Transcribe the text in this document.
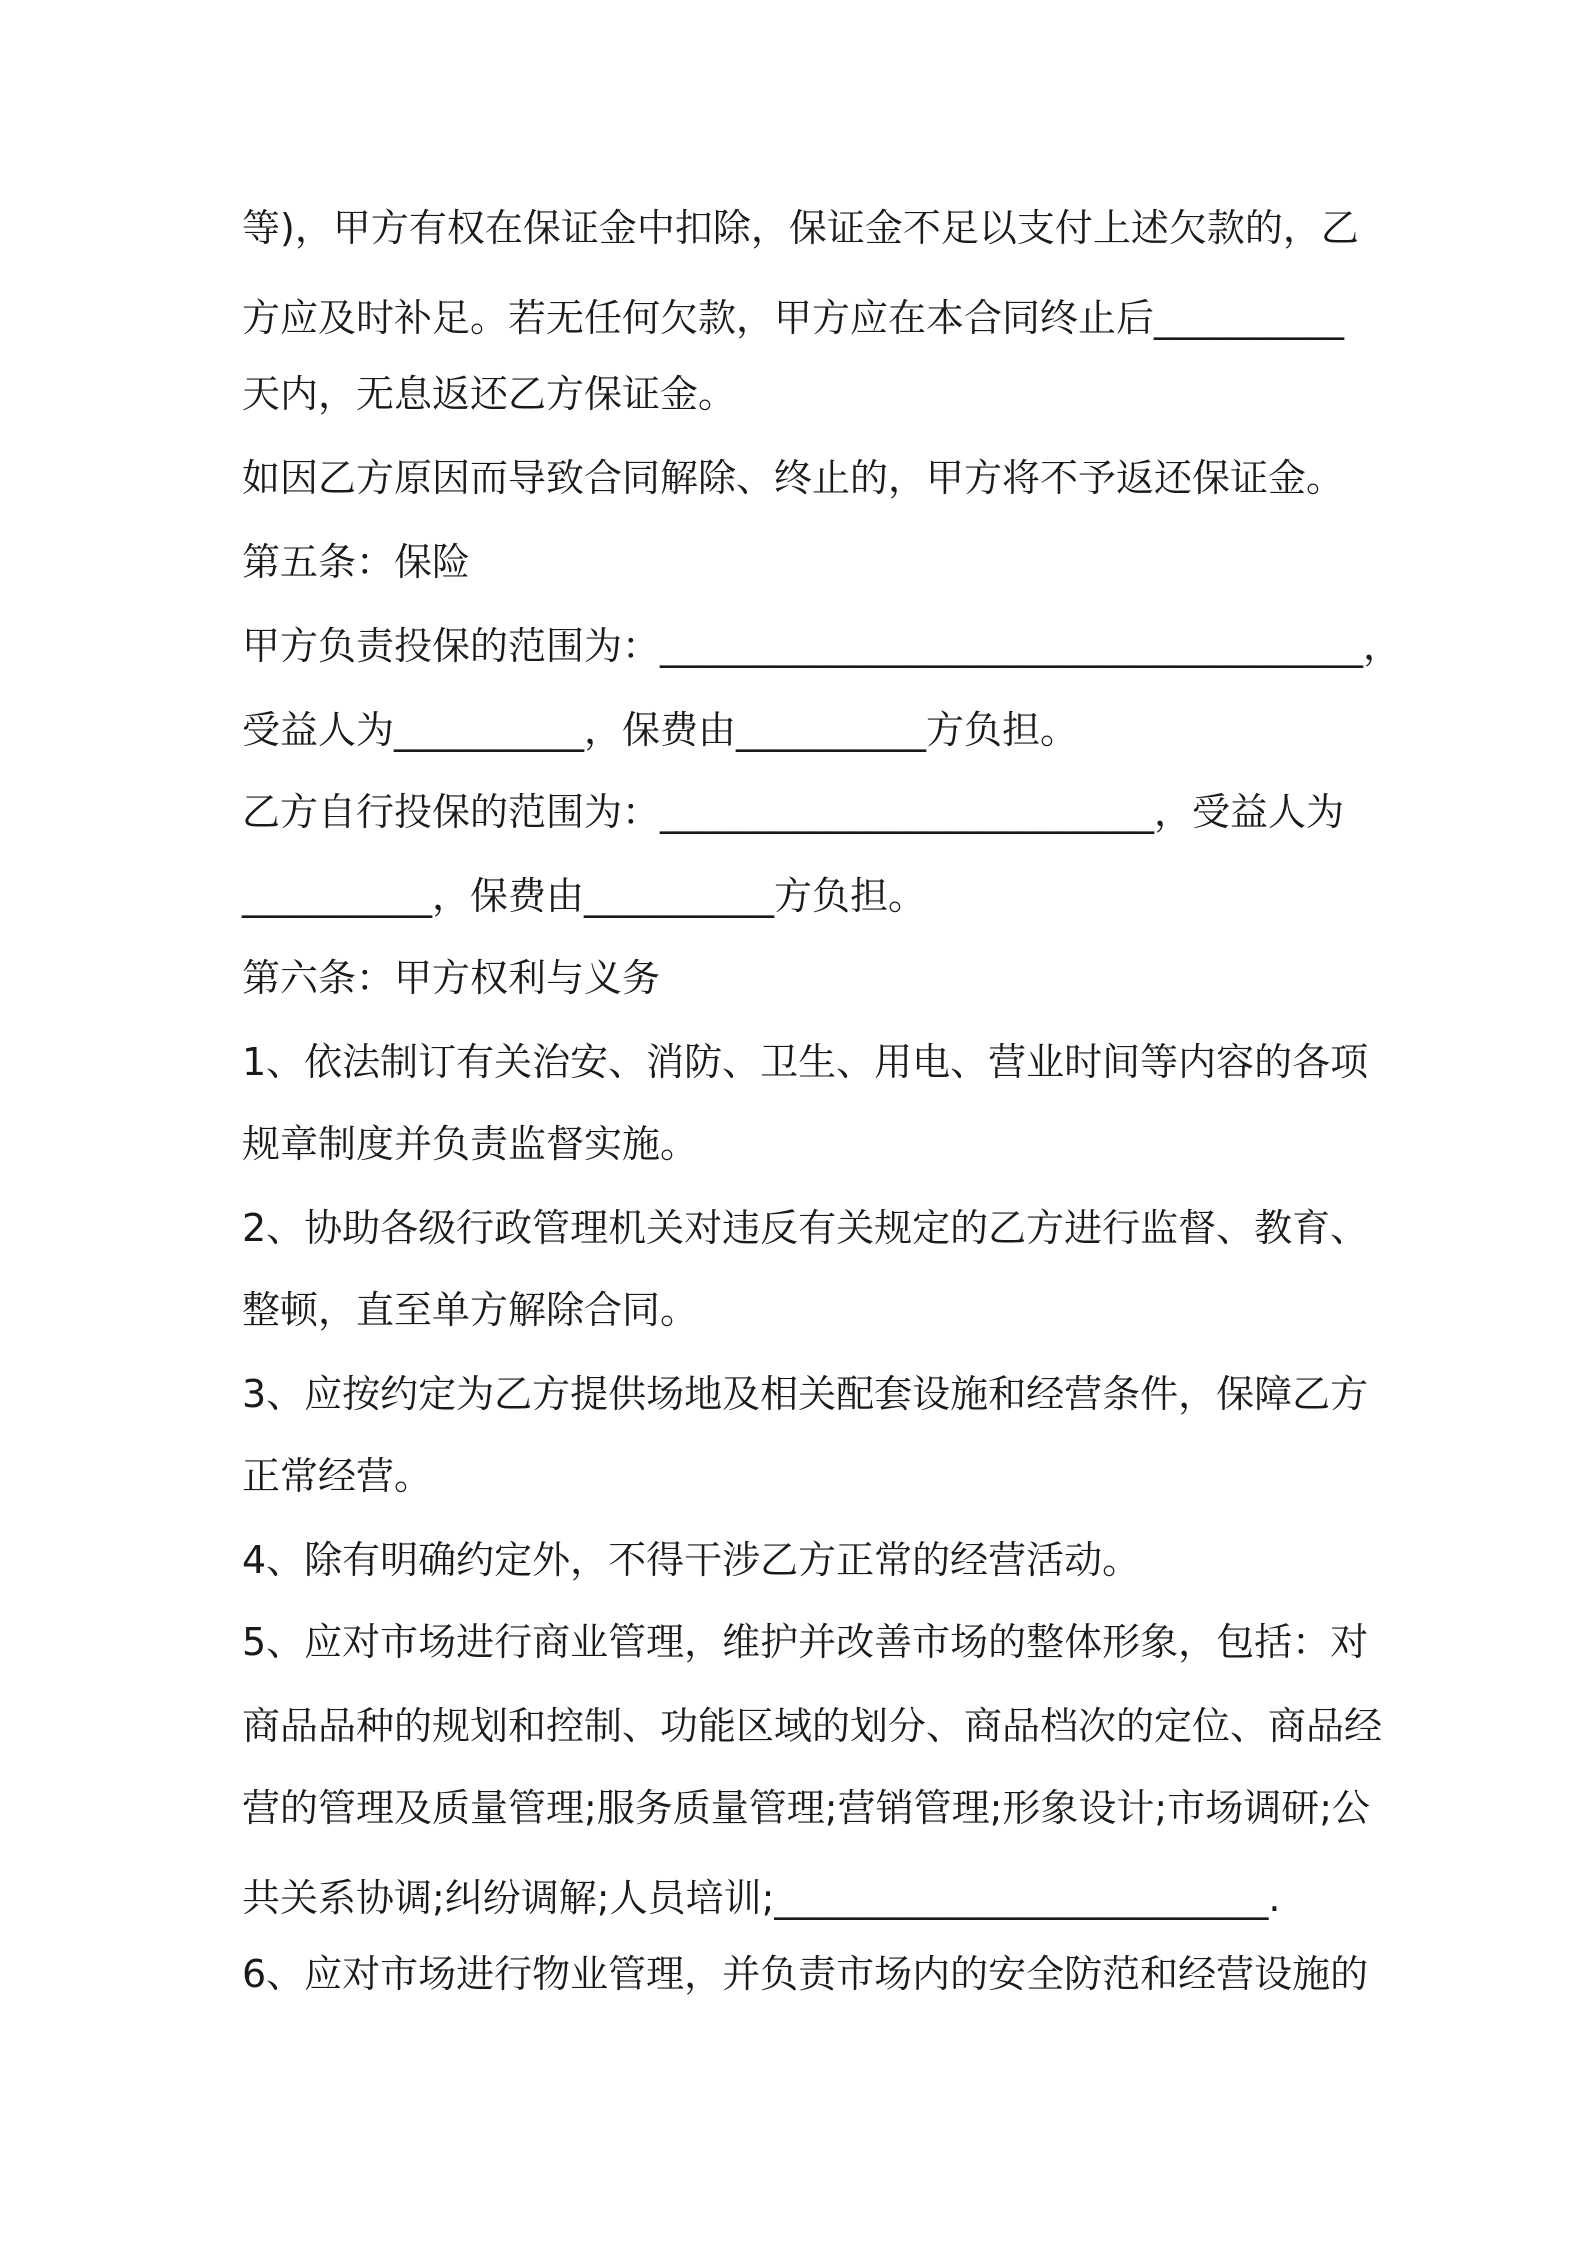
等)，甲方有权在保证金中扣除，保证金不足以支付上述欠款的，乙
方应及时补足。若无任何欠款，甲方应在本合同终止后__________
天内，无息返还乙方保证金。
如因乙方原因而导致合同解除、终止的，甲方将不予返还保证金。
第五条：保险
甲方负责投保的范围为：_____________________________________，
受益人为__________，保费由__________方负担。
乙方自行投保的范围为：__________________________，受益人为
__________，保费由__________方负担。
第六条：甲方权利与义务
1、依法制订有关治安、消防、卫生、用电、营业时间等内容的各项
规章制度并负责监督实施。
2、协助各级行政管理机关对违反有关规定的乙方进行监督、教育、
整顿，直至单方解除合同。
3、应按约定为乙方提供场地及相关配套设施和经营条件，保障乙方
正常经营。
4、除有明确约定外，不得干涉乙方正常的经营活动。
5、应对市场进行商业管理，维护并改善市场的整体形象，包括：对
商品品种的规划和控制、功能区域的划分、商品档次的定位、商品经
营的管理及质量管理;服务质量管理;营销管理;形象设计;市场调研;公
共关系协调;纠纷调解;人员培训;__________________________.
6、应对市场进行物业管理，并负责市场内的安全防范和经营设施的
